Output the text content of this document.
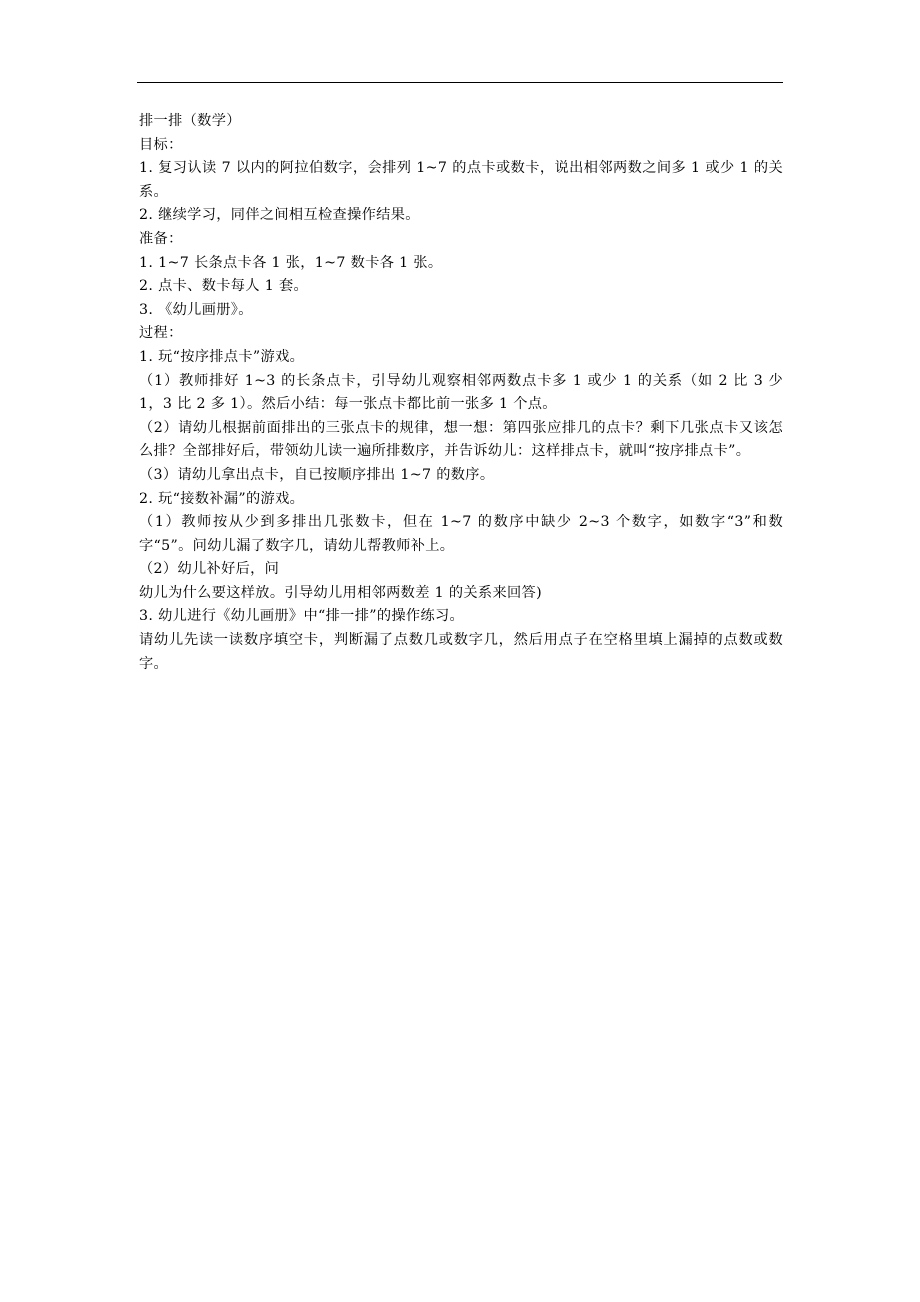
排一排（数学）

目标：

1. 复习认读 7 以内的阿拉伯数字，会排列 1~7 的点卡或数卡，说出相邻两数之间多 1 或少 1 的关系。

2. 继续学习，同伴之间相互检查操作结果。

准备：

1. 1~7 长条点卡各 1 张，1~7 数卡各 1 张。

2. 点卡、数卡每人 1 套。

3. 《幼儿画册》。

过程：

1. 玩“按序排点卡”游戏。

（1）教师排好 1~3 的长条点卡，引导幼儿观察相邻两数点卡多 1 或少 1 的关系（如 2 比 3 少 1，3 比 2 多 1）。然后小结：每一张点卡都比前一张多 1 个点。

（2）请幼儿根据前面排出的三张点卡的规律，想一想：第四张应排几的点卡？剩下几张点卡又该怎么排？全部排好后，带领幼儿读一遍所排数序，并告诉幼儿：这样排点卡，就叫“按序排点卡”。

（3）请幼儿拿出点卡，自已按顺序排出 1~7 的数序。

2. 玩“接数补漏”的游戏。

（1）教师按从少到多排出几张数卡，但在 1~7 的数序中缺少 2~3 个数字，如数字“3”和数字“5”。问幼儿漏了数字几，请幼儿帮教师补上。

（2）幼儿补好后，问

幼儿为什么要这样放。引导幼儿用相邻两数差 1 的关系来回答)

3. 幼儿进行《幼儿画册》中“排一排”的操作练习。

请幼儿先读一读数序填空卡，判断漏了点数几或数字几，然后用点子在空格里填上漏掉的点数或数字。
